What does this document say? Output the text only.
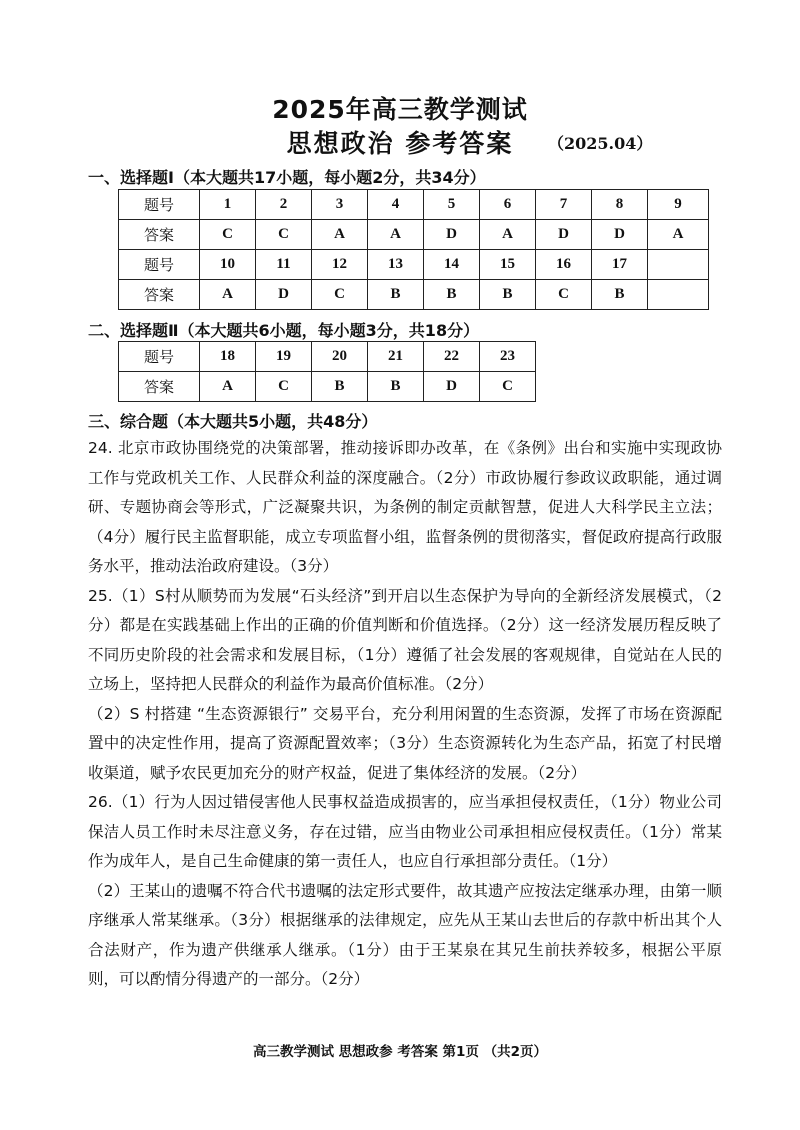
2025年高三教学测试
思想政治 参考答案	（2025.04）
一、选择题Ⅰ（本大题共17小题，每小题2分，共34分）
题号	1	2	3	4	5	6	7	8	9
答案	C	C	A	A	D	A	D	D	A
题号	10	11	12	13	14	15	16	17	
答案	A	D	C	B	B	B	C	B	
二、选择题Ⅱ（本大题共6小题，每小题3分，共18分）
题号	18	19	20	21	22	23
答案	A	C	B	B	D	C
三、综合题（本大题共5小题，共48分）

24. 北京市政协围绕党的决策部署，推动接诉即办改革，在《条例》出台和实施中实现政协工作与党政机关工作、人民群众利益的深度融合。（2分）市政协履行参政议政职能，通过调研、专题协商会等形式，广泛凝聚共识，为条例的制定贡献智慧，促进人大科学民主立法；（4分）履行民主监督职能，成立专项监督小组，监督条例的贯彻落实，督促政府提高行政服务水平，推动法治政府建设。（3分）

25.（1）S村从顺势而为发展“石头经济”到开启以生态保护为导向的全新经济发展模式，（2分）都是在实践基础上作出的正确的价值判断和价值选择。（2分）这一经济发展历程反映了不同历史阶段的社会需求和发展目标，（1分）遵循了社会发展的客观规律，自觉站在人民的立场上，坚持把人民群众的利益作为最高价值标准。（2分）

（2）S 村搭建 “生态资源银行” 交易平台，充分利用闲置的生态资源，发挥了市场在资源配置中的决定性作用，提高了资源配置效率；（3分）生态资源转化为生态产品，拓宽了村民增收渠道，赋予农民更加充分的财产权益，促进了集体经济的发展。（2分）

26.（1）行为人因过错侵害他人民事权益造成损害的，应当承担侵权责任，（1分）物业公司保洁人员工作时未尽注意义务，存在过错，应当由物业公司承担相应侵权责任。（1分）常某作为成年人，是自己生命健康的第一责任人，也应自行承担部分责任。（1分）

（2）王某山的遗嘱不符合代书遗嘱的法定形式要件，故其遗产应按法定继承办理，由第一顺序继承人常某继承。（3分）根据继承的法律规定，应先从王某山去世后的存款中析出其个人合法财产，作为遗产供继承人继承。（1分）由于王某泉在其兄生前扶养较多，根据公平原则，可以酌情分得遗产的一部分。（2分）

高三教学测试 思想政参 考答案 第1页 （共2页）
